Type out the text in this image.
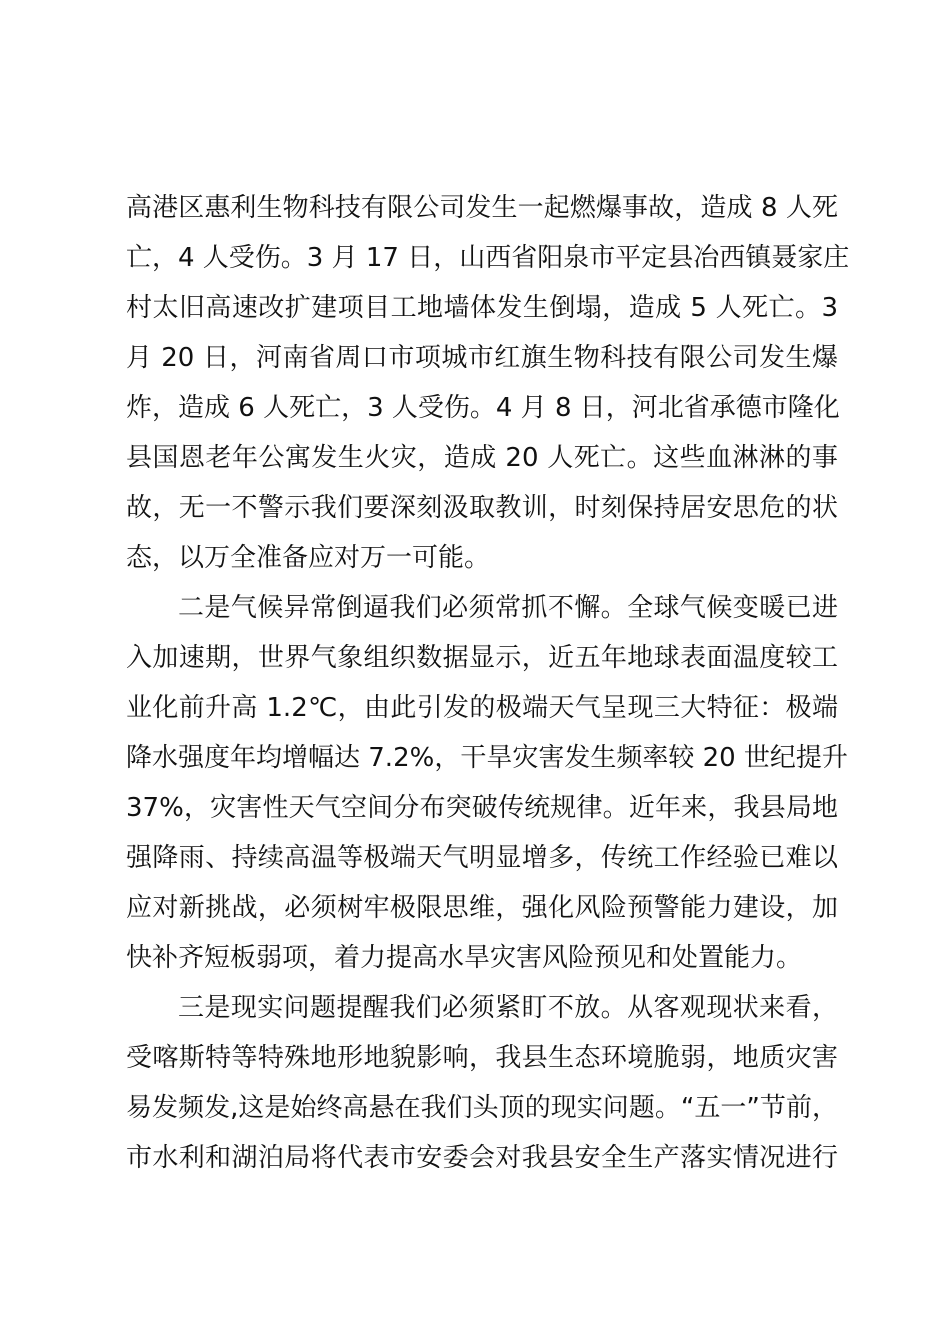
高港区惠利生物科技有限公司发生一起燃爆事故，造成 8 人死
亡，4 人受伤。3 月 17 日，山西省阳泉市平定县冶西镇聂家庄
村太旧高速改扩建项目工地墙体发生倒塌，造成 5 人死亡。3
月 20 日，河南省周口市项城市红旗生物科技有限公司发生爆
炸，造成 6 人死亡，3 人受伤。4 月 8 日，河北省承德市隆化
县国恩老年公寓发生火灾，造成 20 人死亡。这些血淋淋的事
故，无一不警示我们要深刻汲取教训，时刻保持居安思危的状
态，以万全准备应对万一可能。
二是气候异常倒逼我们必须常抓不懈。全球气候变暖已进
入加速期，世界气象组织数据显示，近五年地球表面温度较工
业化前升高 1.2℃，由此引发的极端天气呈现三大特征：极端
降水强度年均增幅达 7.2%，干旱灾害发生频率较 20 世纪提升
37%，灾害性天气空间分布突破传统规律。近年来，我县局地
强降雨、持续高温等极端天气明显增多，传统工作经验已难以
应对新挑战，必须树牢极限思维，强化风险预警能力建设，加
快补齐短板弱项，着力提高水旱灾害风险预见和处置能力。
三是现实问题提醒我们必须紧盯不放。从客观现状来看，
受喀斯特等特殊地形地貌影响，我县生态环境脆弱，地质灾害
易发频发,这是始终高悬在我们头顶的现实问题。“五一”节前，
市水利和湖泊局将代表市安委会对我县安全生产落实情况进行
